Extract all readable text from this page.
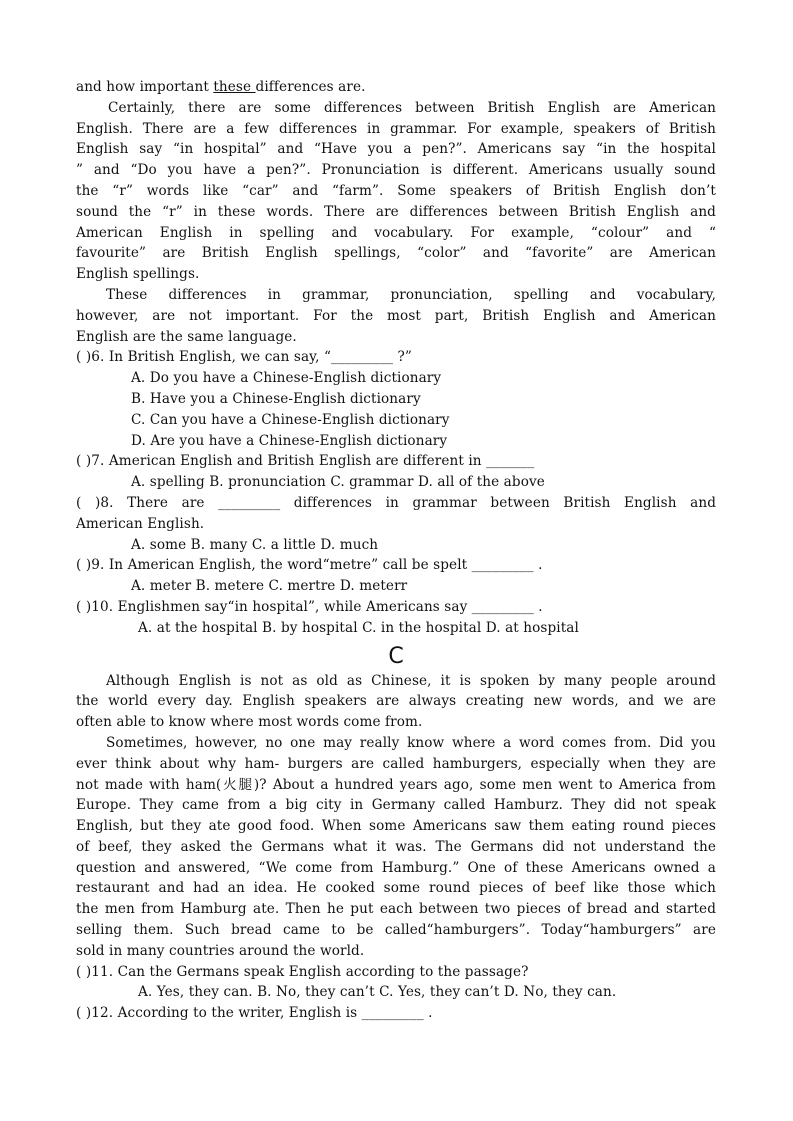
and how important these differences are.
Certainly, there are some differences between British English are American
English. There are a few differences in grammar. For example, speakers of British
English say “in hospital” and “Have you a pen?”. Americans say “in the hospital
” and “Do you have a pen?”. Pronunciation is different. Americans usually sound
the “r” words like “car” and “farm”. Some speakers of British English don’t
sound the “r” in these words. There are differences between British English and
American English in spelling and vocabulary. For example, “colour” and “
favourite” are British English spellings, “color” and “favorite” are American
English spellings.
These differences in grammar, pronunciation, spelling and vocabulary,
however, are not important. For the most part, British English and American
English are the same language.
( )6. In British English, we can say, “_________ ?”
A. Do you have a Chinese-English dictionary
B. Have you a Chinese-English dictionary
C. Can you have a Chinese-English dictionary
D. Are you have a Chinese-English dictionary
( )7. American English and British English are different in _______
A. spelling B. pronunciation C. grammar D. all of the above
( )8. There are _________ differences in grammar between British English and
American English.
A. some B. many C. a little D. much
( )9. In American English, the word“metre” call be spelt _________ .
A. meter B. metere C. mertre D. meterr
( )10. Englishmen say“in hospital”, while Americans say _________ .
A. at the hospital B. by hospital C. in the hospital D. at hospital
C
Although English is not as old as Chinese, it is spoken by many people around
the world every day. English speakers are always creating new words, and we are
often able to know where most words come from.
Sometimes, however, no one may really know where a word comes from. Did you
ever think about why ham- burgers are called hamburgers, especially when they are
not made with ham(火腿)? About a hundred years ago, some men went to America from
Europe. They came from a big city in Germany called Hamburz. They did not speak
English, but they ate good food. When some Americans saw them eating round pieces
of beef, they asked the Germans what it was. The Germans did not understand the
question and answered, “We come from Hamburg.” One of these Americans owned a
restaurant and had an idea. He cooked some round pieces of beef like those which
the men from Hamburg ate. Then he put each between two pieces of bread and started
selling them. Such bread came to be called“hamburgers”. Today“hamburgers” are
sold in many countries around the world.
( )11. Can the Germans speak English according to the passage?
A. Yes, they can. B. No, they can’t C. Yes, they can’t D. No, they can.
( )12. According to the writer, English is _________ .
